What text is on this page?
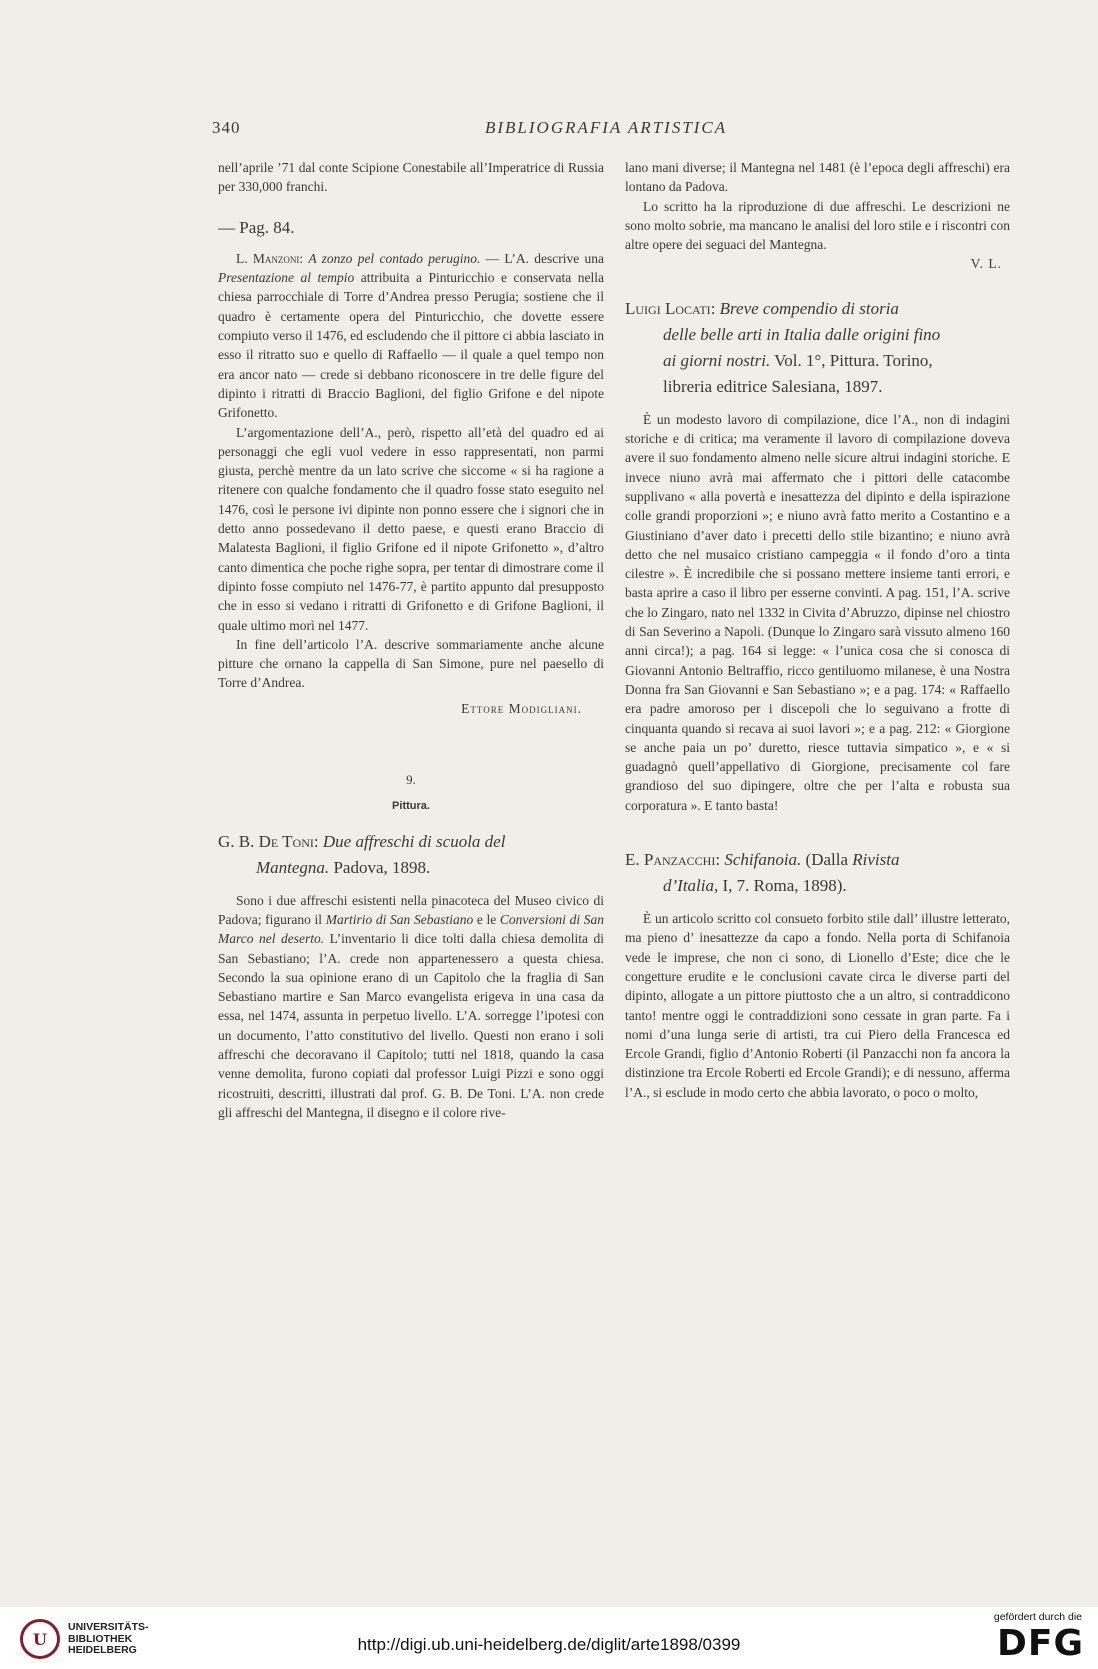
340	BIBLIOGRAFIA ARTISTICA

nell’aprile ’71 dal conte Scipione Conestabile all’Imperatrice di Russia per 330,000 franchi.

— Pag. 84.

L. Manzoni: A zonzo pel contado perugino. — L’A. descrive una Presentazione al tempio attribuita a Pinturicchio e conservata nella chiesa parrocchiale di Torre d’Andrea presso Perugia; sostiene che il quadro è certamente opera del Pinturicchio, che dovette essere compiuto verso il 1476, ed escludendo che il pittore ci abbia lasciato in esso il ritratto suo e quello di Raffaello — il quale a quel tempo non era ancor nato — crede si debbano riconoscere in tre delle figure del dipinto i ritratti di Braccio Baglioni, del figlio Grifone e del nipote Grifonetto.

L’argomentazione dell’A., però, rispetto all’età del quadro ed ai personaggi che egli vuol vedere in esso rappresentati, non parmi giusta, perchè mentre da un lato scrive che siccome « si ha ragione a ritenere con qualche fondamento che il quadro fosse stato eseguito nel 1476, così le persone ivi dipinte non ponno essere che i signori che in detto anno possedevano il detto paese, e questi erano Braccio di Malatesta Baglioni, il figlio Grifone ed il nipote Grifonetto », d’altro canto dimentica che poche righe sopra, per tentar di dimostrare come il dipinto fosse compiuto nel 1476-77, è partito appunto dal presupposto che in esso si vedano i ritratti di Grifonetto e di Grifone Baglioni, il quale ultimo morì nel 1477.

In fine dell’articolo l’A. descrive sommariamente anche alcune pitture che ornano la cappella di San Simone, pure nel paesello di Torre d’Andrea.

Ettore Modigliani.

9.

Pittura.

G. B. De Toni: Due affreschi di scuola del
Mantegna. Padova, 1898.

Sono i due affreschi esistenti nella pinacoteca del Museo civico di Padova; figurano il Martirio di San Sebastiano e le Conversioni di San Marco nel deserto. L’inventario li dice tolti dalla chiesa demolita di San Sebastiano; l’A. crede non appartenessero a questa chiesa. Secondo la sua opinione erano di un Capitolo che la fraglia di San Sebastiano martire e San Marco evangelista erigeva in una casa da essa, nel 1474, assunta in perpetuo livello. L’A. sorregge l’ipotesi con un documento, l’atto constitutivo del livello. Questi non erano i soli affreschi che decoravano il Capitolo; tutti nel 1818, quando la casa venne demolita, furono copiati dal professor Luigi Pizzi e sono oggi ricostruiti, descritti, illustrati dal prof. G. B. De Toni. L’A. non crede gli affreschi del Mantegna, il disegno e il colore rive-

lano mani diverse; il Mantegna nel 1481 (è l’epoca degli affreschi) era lontano da Padova.

Lo scritto ha la riproduzione di due affreschi. Le descrizioni ne sono molto sobrie, ma mancano le analisi del loro stile e i riscontri con altre opere dei seguaci del Mantegna.

V. L.

Luigi Locati: Breve compendio di storia
delle belle arti in Italia dalle origini fino
ai giorni nostri. Vol. 1°, Pittura. Torino,
libreria editrice Salesiana, 1897.

È un modesto lavoro di compilazione, dice l’A., non di indagini storiche e di critica; ma veramente il lavoro di compilazione doveva avere il suo fondamento almeno nelle sicure altrui indagini storiche. E invece niuno avrà mai affermato che i pittori delle catacombe supplivano « alla povertà e inesattezza del dipinto e della ispirazione colle grandi proporzioni »; e niuno avrà fatto merito a Costantino e a Giustiniano d’aver dato i precetti dello stile bizantino; e niuno avrà detto che nel musaico cristiano campeggia « il fondo d’oro a tinta cilestre ». È incredibile che si possano mettere insieme tanti errori, e basta aprire a caso il libro per esserne convinti. A pag. 151, l’A. scrive che lo Zingaro, nato nel 1332 in Civita d’Abruzzo, dipinse nel chiostro di San Severino a Napoli. (Dunque lo Zingaro sarà vissuto almeno 160 anni circa!); a pag. 164 si legge: « l’unica cosa che si conosca di Giovanni Antonio Beltraffio, ricco gentiluomo milanese, è una Nostra Donna fra San Giovanni e San Sebastiano »; e a pag. 174: « Raffaello era padre amoroso per i discepoli che lo seguivano a frotte di cinquanta quando si recava ai suoi lavori »; e a pag. 212: « Giorgione se anche paia un po’ duretto, riesce tuttavia simpatico », e « si guadagnò quell’appellativo di Giorgione, precisamente col fare grandioso del suo dipingere, oltre che per l’alta e robusta sua corporatura ». E tanto basta!

E. Panzacchi: Schifanoia. (Dalla Rivista
d’Italia, I, 7. Roma, 1898).

È un articolo scritto col consueto forbito stile dall’ illustre letterato, ma pieno d’ inesattezze da capo a fondo. Nella porta di Schifanoia vede le imprese, che non ci sono, di Lionello d’Este; dice che le congetture erudite e le conclusioni cavate circa le diverse parti del dipinto, allogate a un pittore piuttosto che a un altro, si contraddicono tanto! mentre oggi le contraddizioni sono cessate in gran parte. Fa i nomi d’una lunga serie di artisti, tra cui Piero della Francesca ed Ercole Grandi, figlio d’Antonio Roberti (il Panzacchi non fa ancora la distinzione tra Ercole Roberti ed Ercole Grandi); e di nessuno, afferma l’A., si esclude in modo certo che abbia lavorato, o poco o molto,

U
UNIVERSITÄTS-
BIBLIOTHEK
HEIDELBERG	http://digi.ub.uni-heidelberg.de/diglit/arte1898/0399
gefördert durch die
DFG
